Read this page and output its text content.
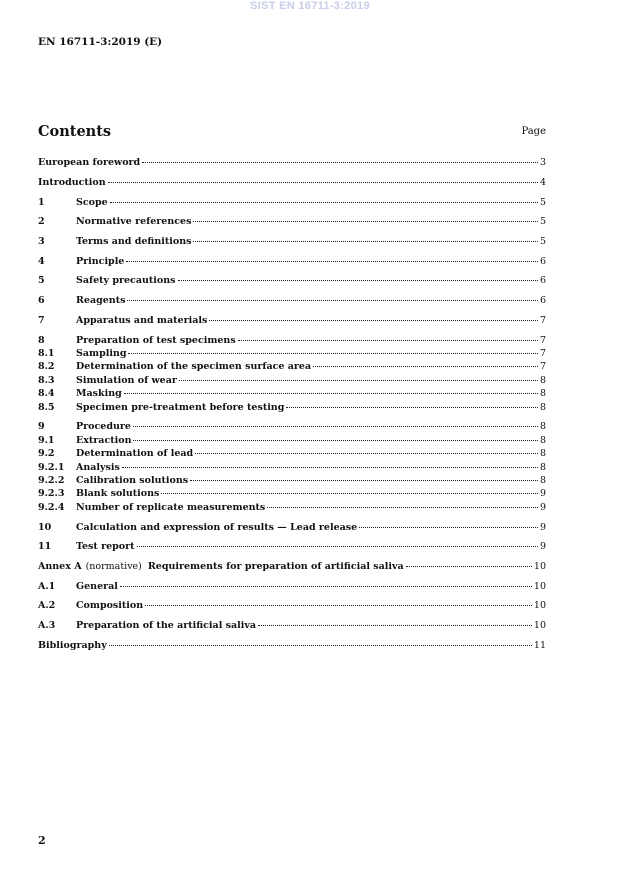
SIST EN 16711-3:2019
EN 16711-3:2019 (E)
Contents	Page
European foreword	3
Introduction	4
1	Scope	5
2	Normative references	5
3	Terms and definitions	5
4	Principle	6
5	Safety precautions	6
6	Reagents	6
7	Apparatus and materials	7
8	Preparation of test specimens	7
8.1	Sampling	7
8.2	Determination of the specimen surface area	7
8.3	Simulation of wear	8
8.4	Masking	8
8.5	Specimen pre-treatment before testing	8
9	Procedure	8
9.1	Extraction	8
9.2	Determination of lead	8
9.2.1	Analysis	8
9.2.2	Calibration solutions	8
9.2.3	Blank solutions	9
9.2.4	Number of replicate measurements	9
10	Calculation and expression of results — Lead release	9
11	Test report	9
Annex A (normative) Requirements for preparation of artificial saliva	10
A.1	General	10
A.2	Composition	10
A.3	Preparation of the artificial saliva	10
Bibliography	11
2
